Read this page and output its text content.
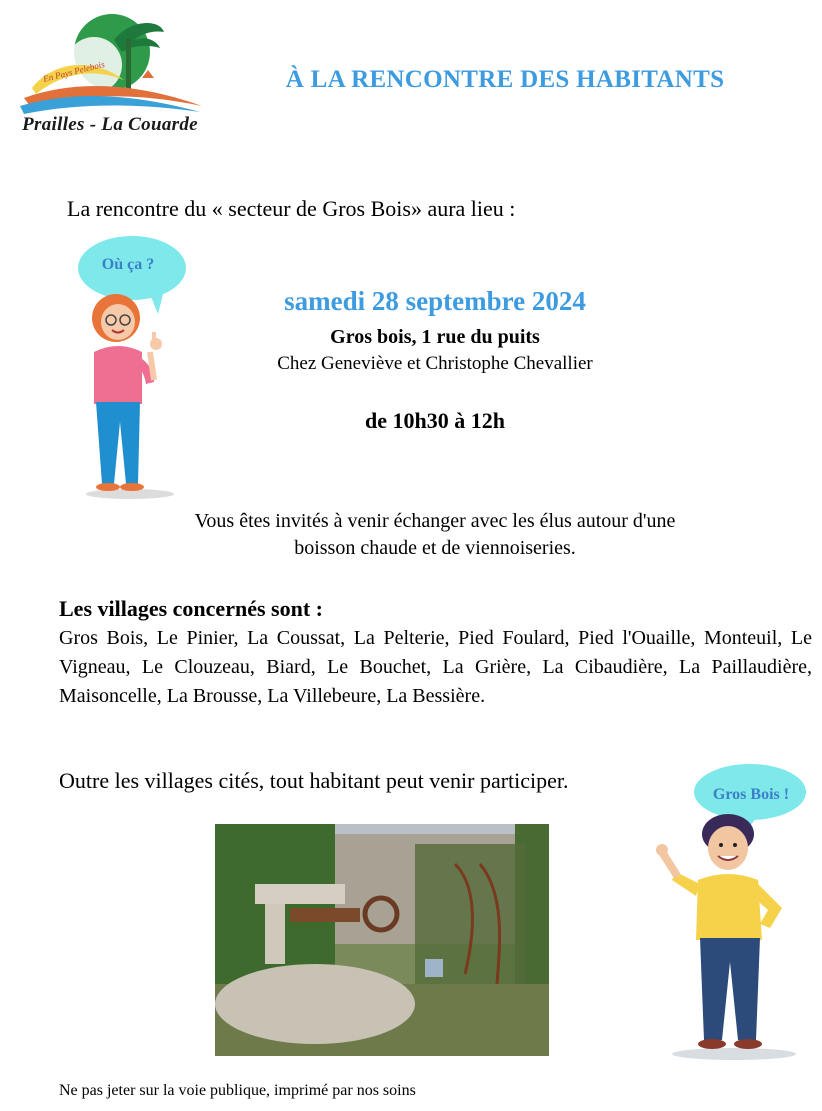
En Pays Pelebois
Prailles - La Couarde
À LA RENCONTRE DES HABITANTS
La rencontre du « secteur de Gros Bois» aura lieu :
Où ça ?
samedi 28 septembre 2024
Gros bois, 1 rue du puits
Chez Geneviève et Christophe Chevallier
de 10h30 à 12h
Vous êtes invités à venir échanger avec les élus autour d'une
boisson chaude et de viennoiseries.
Les villages concernés sont :
Gros Bois, Le Pinier, La Coussat, La Pelterie, Pied Foulard, Pied l'Ouaille, Monteuil, Le Vigneau, Le Clouzeau, Biard, Le Bouchet, La Grière, La Cibaudière, La Paillaudière, Maisoncelle, La Brousse, La Villebeure, La Bessière.
Outre les villages cités, tout habitant peut venir participer.
Gros Bois !
Ne pas jeter sur la voie publique, imprimé par nos soins
